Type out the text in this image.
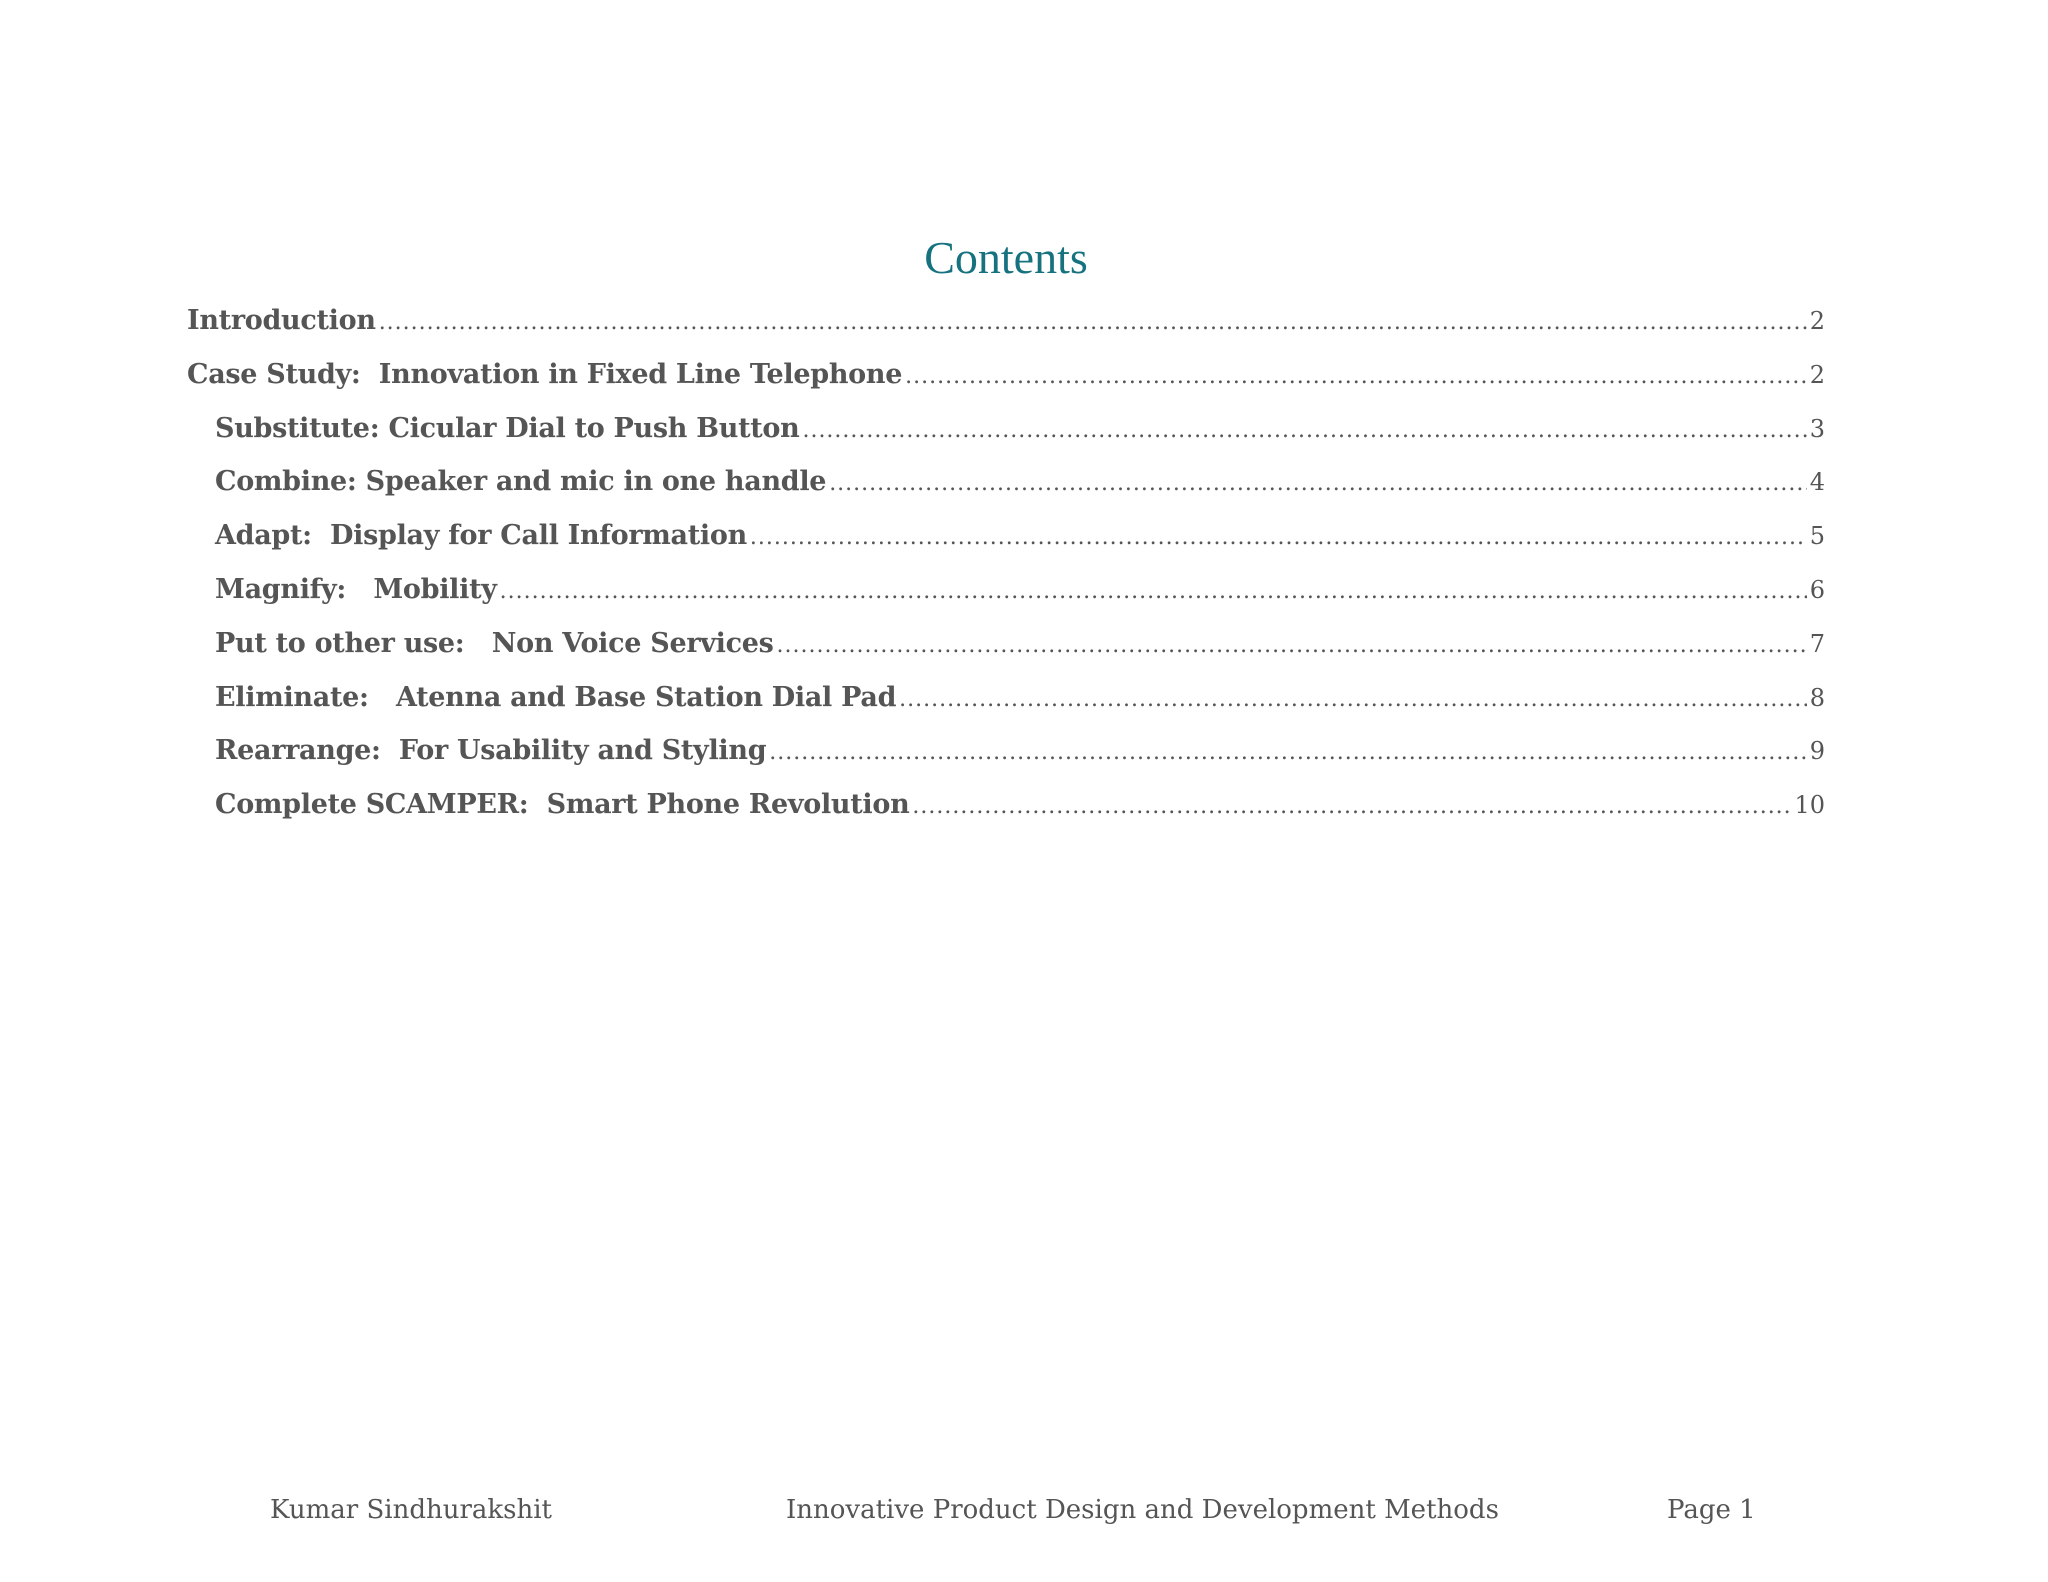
Contents
Introduction .....	2
Case Study:  Innovation in Fixed Line Telephone .....	2
Substitute: Cicular Dial to Push Button .....	3
Combine: Speaker and mic in one handle .....	4
Adapt:  Display for Call Information .....	5
Magnify:   Mobility .....	6
Put to other use:   Non Voice Services .....	7
Eliminate:   Atenna and Base Station Dial Pad .....	8
Rearrange:  For Usability and Styling .....	9
Complete SCAMPER:  Smart Phone Revolution .....	10
Kumar Sindhurakshit	Innovative Product Design and Development Methods	Page 1
